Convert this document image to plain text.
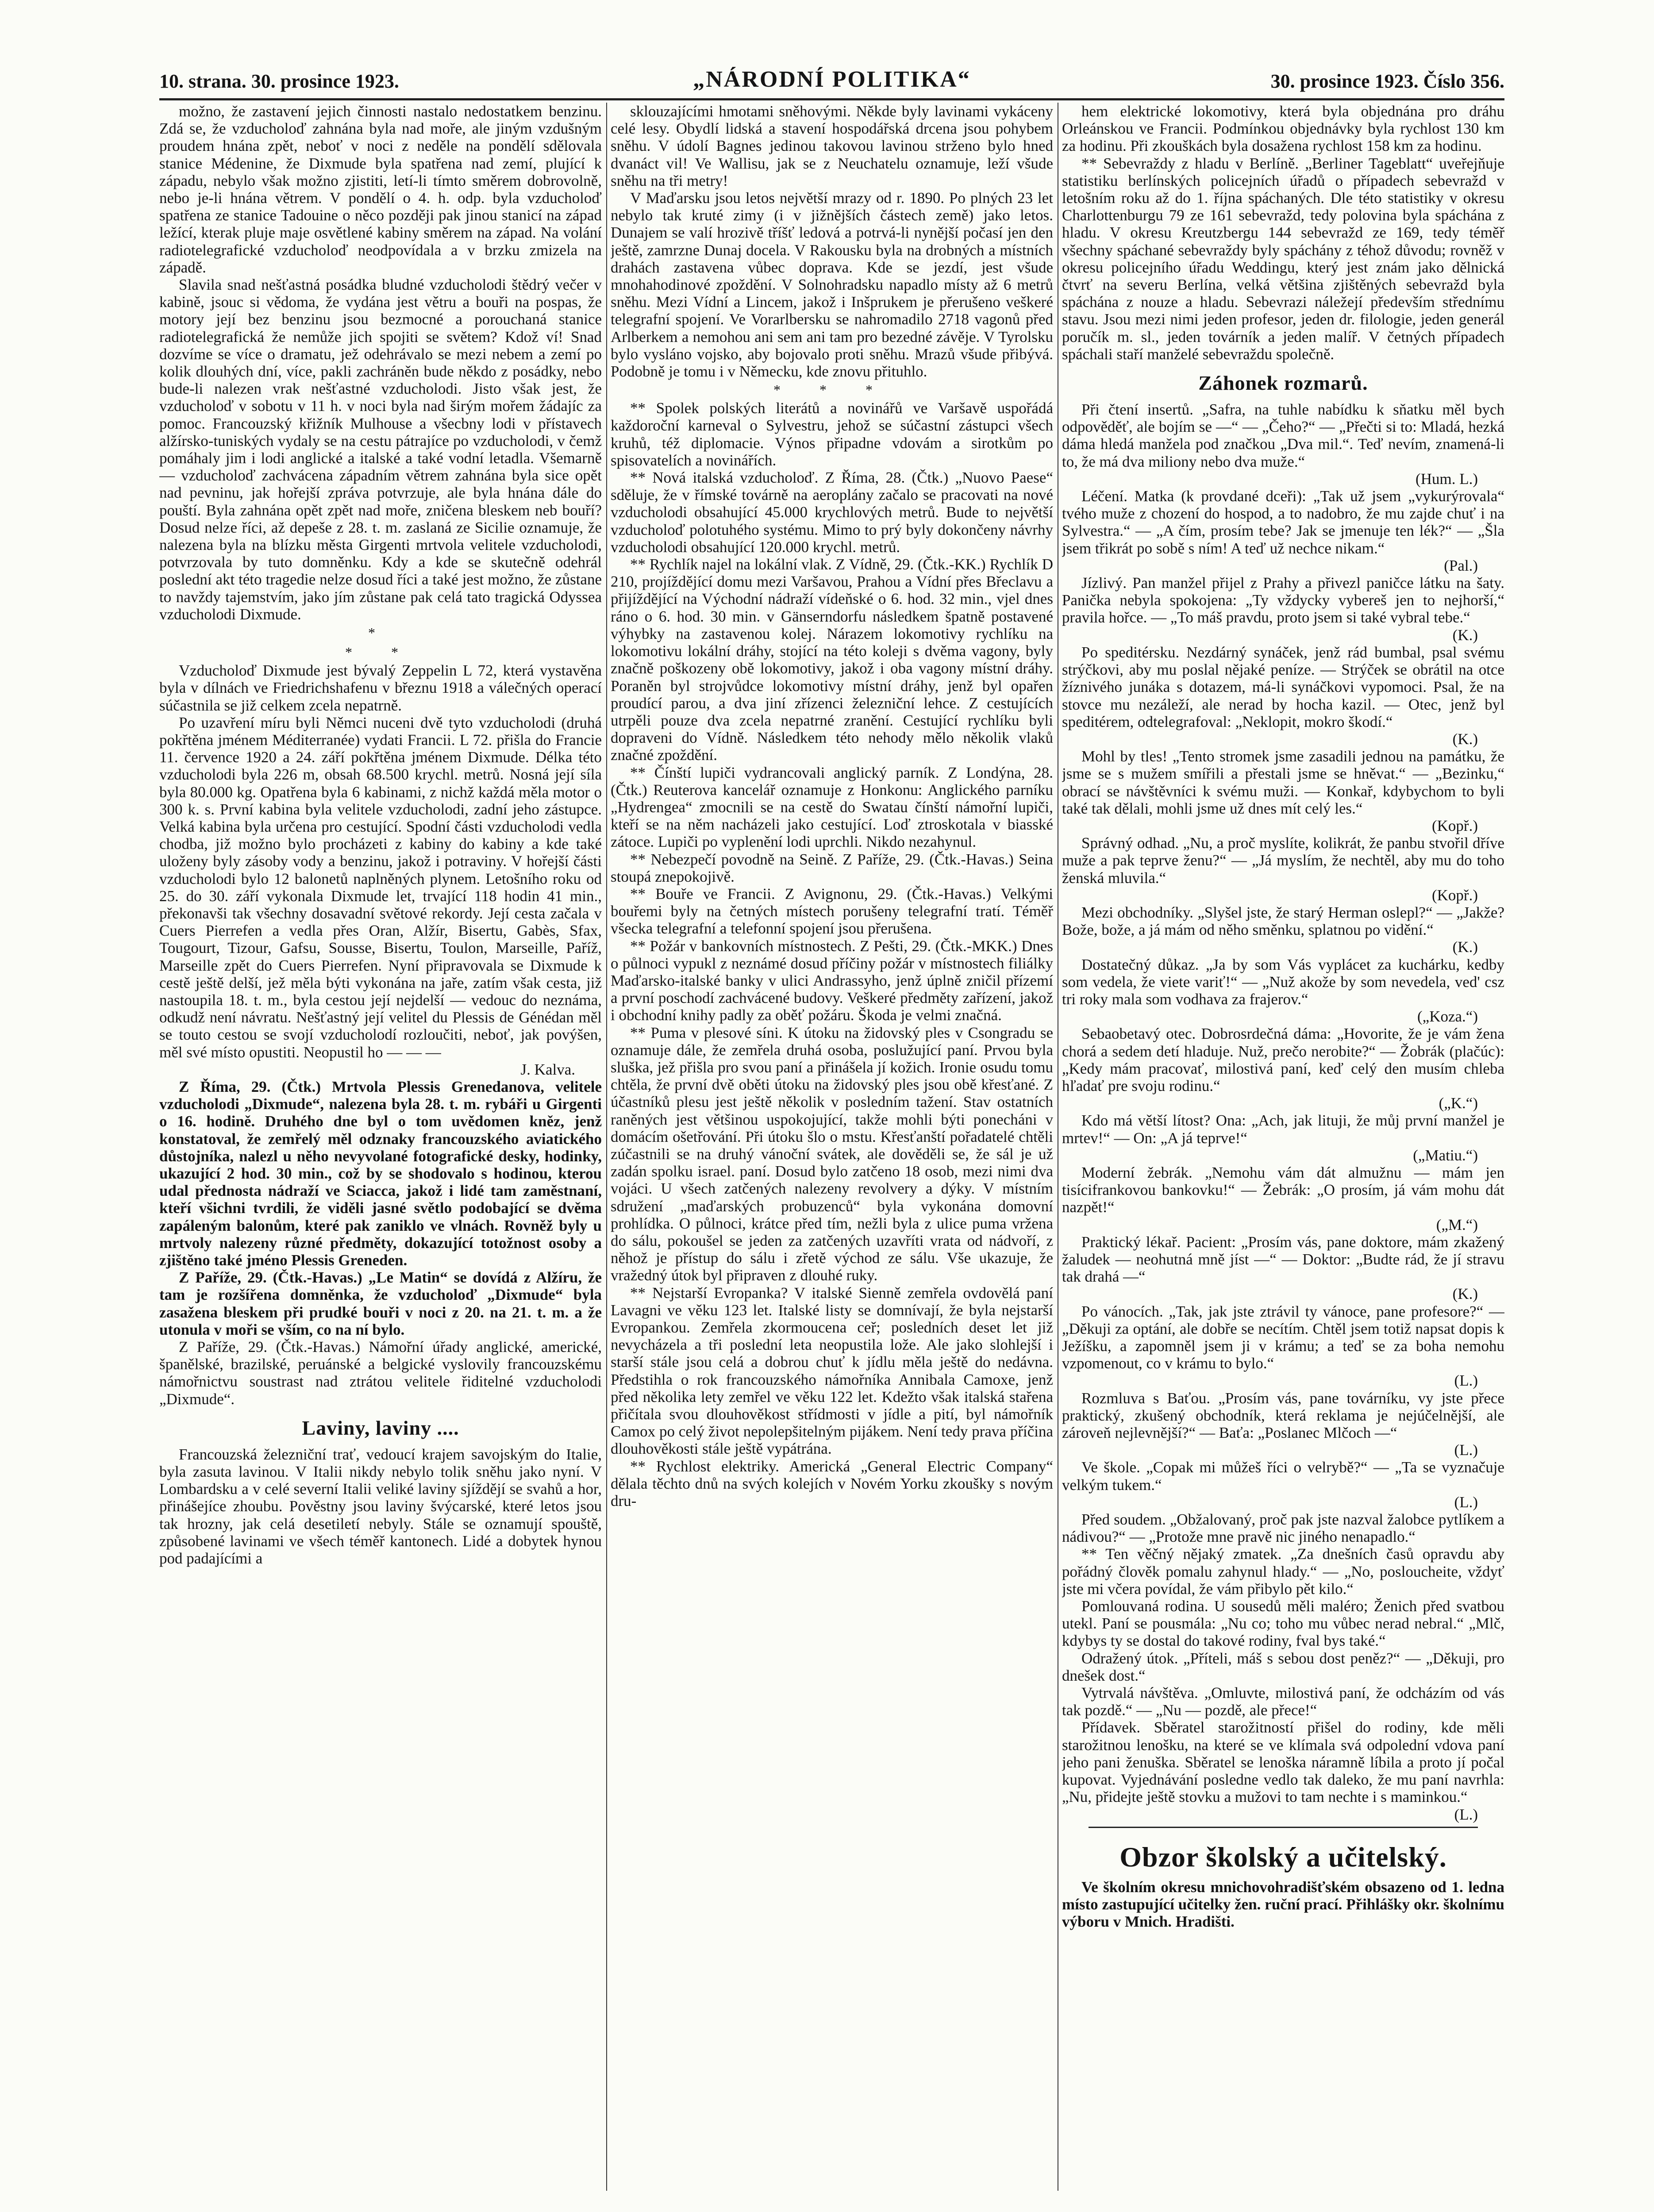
10. strana. 30. prosince 1923.	„NÁRODNÍ POLITIKA“	30. prosince 1923. Číslo 356.

možno, že zastavení jejich činnosti nastalo nedostatkem benzinu. Zdá se, že vzducholoď zahnána byla nad moře, ale jiným vzdušným proudem hnána zpět, neboť v noci z neděle na pondělí sdělovala stanice Médenine, že Dixmude byla spatřena nad zemí, plující k západu, nebylo však možno zjistiti, letí-li tímto směrem dobrovolně, nebo je-li hnána větrem. V pondělí o 4. h. odp. byla vzducholoď spatřena ze stanice Tadouine o něco později pak jinou stanicí na západ ležící, kterak pluje maje osvětlené kabiny směrem na západ. Na volání radiotelegrafické vzducholoď neodpovídala a v brzku zmizela na západě.

Slavila snad nešťastná posádka bludné vzducholodi štědrý večer v kabině, jsouc si vědoma, že vydána jest větru a bouři na pospas, že motory její bez benzinu jsou bezmocné a porouchaná stanice radiotelegrafická že nemůže jich spojiti se světem? Kdož ví! Snad dozvíme se více o dramatu, jež odehrávalo se mezi nebem a zemí po kolik dlouhých dní, více, pakli zachráněn bude někdo z posádky, nebo bude-li nalezen vrak nešťastné vzducholodi. Jisto však jest, že vzducholoď v sobotu v 11 h. v noci byla nad širým mořem žádajíc za pomoc. Francouzský křižník Mulhouse a všecbny lodi v přístavech alžírsko-tuniských vydaly se na cestu pátrajíce po vzducholodi, v čemž pomáhaly jim i lodi anglické a italské a také vodní letadla. Všemarně — vzducholoď zachvácena západním větrem zahnána byla sice opět nad pevninu, jak hořejší zpráva potvrzuje, ale byla hnána dále do pouští. Byla zahnána opět zpět nad moře, zničena bleskem neb bouří? Dosud nelze říci, až depeše z 28. t. m. zaslaná ze Sicilie oznamuje, že nalezena byla na blízku města Girgenti mrtvola velitele vzducholodi, potvrzovala by tuto domněnku. Kdy a kde se skutečně odehrál poslední akt této tragedie nelze dosud říci a také jest možno, že zůstane to navždy tajemstvím, jako jím zůstane pak celá tato tragická Odyssea vzducholodi Dixmude.

*
* *

Vzducholoď Dixmude jest bývalý Zeppelin L 72, která vystavěna byla v dílnách ve Friedrichshafenu v březnu 1918 a válečných operací súčastnila se již celkem zcela nepatrně.

Po uzavření míru byli Němci nuceni dvě tyto vzducholodi (druhá pokřtěna jménem Méditerranée) vydati Francii. L 72. přišla do Francie 11. července 1920 a 24. září pokřtěna jménem Dixmude. Délka této vzducholodi byla 226 m, obsah 68.500 krychl. metrů. Nosná její síla byla 80.000 kg. Opatřena byla 6 kabinami, z nichž každá měla motor o 300 k. s. První kabina byla velitele vzducholodi, zadní jeho zástupce. Velká kabina byla určena pro cestující. Spodní části vzducholodi vedla chodba, již možno bylo procházeti z kabiny do kabiny a kde také uloženy byly zásoby vody a benzinu, jakož i potraviny. V hořejší části vzducholodi bylo 12 balonetů naplněných plynem. Letošního roku od 25. do 30. září vykonala Dixmude let, trvající 118 hodin 41 min., překonavši tak všechny dosavadní světové rekordy. Její cesta začala v Cuers Pierrefen a vedla přes Oran, Alžír, Bisertu, Gabès, Sfax, Tougourt, Tizour, Gafsu, Sousse, Bisertu, Toulon, Marseille, Paříž, Marseille zpět do Cuers Pierrefen. Nyní připravovala se Dixmude k cestě ještě delší, jež měla býti vykonána na jaře, zatím však cesta, již nastoupila 18. t. m., byla cestou její nejdelší — vedouc do neznáma, odkudž není návratu. Nešťastný její velitel du Plessis de Génédan měl se touto cestou se svojí vzducholodí rozloučiti, neboť, jak povýšen, měl své místo opustiti. Neopustil ho — — —

J. Kalva.

Z Říma, 29. (Čtk.) Mrtvola Plessis Grenedanova, velitele vzducholodi „Dixmude“, nalezena byla 28. t. m. rybáři u Girgenti o 16. hodině. Druhého dne byl o tom uvědomen kněz, jenž konstatoval, že zemřelý měl odznaky francouzského aviatického důstojníka, nalezl u něho nevyvolané fotografické desky, hodinky, ukazující 2 hod. 30 min., což by se shodovalo s hodinou, kterou udal přednosta nádraží ve Sciacca, jakož i lidé tam zaměstnaní, kteří všichni tvrdili, že viděli jasné světlo podobající se dvěma zapáleným balonům, které pak zaniklo ve vlnách. Rovněž byly u mrtvoly nalezeny různé předměty, dokazující totožnost osoby a zjištěno také jméno Plessis Greneden.

Z Paříže, 29. (Čtk.-Havas.) „Le Matin“ se dovídá z Alžíru, že tam je rozšířena domněnka, že vzducholoď „Dixmude“ byla zasažena bleskem při prudké bouři v noci z 20. na 21. t. m. a že utonula v moři se vším, co na ní bylo.

Z Paříže, 29. (Čtk.-Havas.) Námořní úřady anglické, americké, španělské, brazilské, peruánské a belgické vyslovily francouzskému námořnictvu soustrast nad ztrátou velitele řiditelné vzducholodi „Dixmude“.

Laviny, laviny ....

Francouzská železniční trať, vedoucí krajem savojským do Italie, byla zasuta lavinou. V Italii nikdy nebylo tolik sněhu jako nyní. V Lombardsku a v celé severní Italii veliké laviny sjíždějí se svahů a hor, přinášejíce zhoubu. Pověstny jsou laviny švýcarské, které letos jsou tak hrozny, jak celá desetiletí nebyly. Stále se oznamují spouště, způsobené lavinami ve všech téměř kantonech. Lidé a dobytek hynou pod padajícími a

sklouzajícími hmotami sněhovými. Někde byly lavinami vykáceny celé lesy. Obydlí lidská a stavení hospodářská drcena jsou pohybem sněhu. V údolí Bagnes jedinou takovou lavinou strženo bylo hned dvanáct vil! Ve Wallisu, jak se z Neuchatelu oznamuje, leží všude sněhu na tři metry!

V Maďarsku jsou letos největší mrazy od r. 1890. Po plných 23 let nebylo tak kruté zimy (i v jižnějších částech země) jako letos. Dunajem se valí hrozivě tříšť ledová a potrvá-li nynější počasí jen den ještě, zamrzne Dunaj docela. V Rakousku byla na drobných a místních drahách zastavena vůbec doprava. Kde se jezdí, jest všude mnohahodinové zpoždění. V Solnohradsku napadlo místy až 6 metrů sněhu. Mezi Vídní a Lincem, jakož i Inšprukem je přerušeno veškeré telegrafní spojení. Ve Vorarlbersku se nahromadilo 2718 vagonů před Arlberkem a nemohou ani sem ani tam pro bezedné závěje. V Tyrolsku bylo vysláno vojsko, aby bojovalo proti sněhu. Mrazů všude přibývá. Podobně je tomu i v Německu, kde znovu přituhlo.

* * *

** Spolek polských literátů a novinářů ve Varšavě uspořádá každoroční karneval o Sylvestru, jehož se súčastní zástupci všech kruhů, též diplomacie. Výnos připadne vdovám a sirotkům po spisovatelích a novinářích.

** Nová italská vzducholoď. Z Říma, 28. (Čtk.) „Nuovo Paese“ sděluje, že v římské továrně na aeroplány začalo se pracovati na nové vzducholodi obsahující 45.000 krychlových metrů. Bude to největší vzducholoď polotuhého systému. Mimo to prý byly dokončeny návrhy vzducholodi obsahující 120.000 krychl. metrů.

** Rychlík najel na lokální vlak. Z Vídně, 29. (Čtk.-KK.) Rychlík D 210, projíždějící domu mezi Varšavou, Prahou a Vídní přes Břeclavu a přijíždějící na Východní nádraží vídeňské o 6. hod. 32 min., vjel dnes ráno o 6. hod. 30 min. v Gänserndorfu následkem špatně postavené výhybky na zastavenou kolej. Nárazem lokomotivy rychlíku na lokomotivu lokální dráhy, stojící na této koleji s dvěma vagony, byly značně poškozeny obě lokomotivy, jakož i oba vagony místní dráhy. Poraněn byl strojvůdce lokomotivy místní dráhy, jenž byl opařen proudící parou, a dva jiní zřízenci železniční lehce. Z cestujících utrpěli pouze dva zcela nepatrné zranění. Cestující rychlíku byli dopraveni do Vídně. Následkem této nehody mělo několik vlaků značné zpoždění.

** Čínští lupiči vydrancovali anglický parník. Z Londýna, 28. (Čtk.) Reuterova kancelář oznamuje z Honkonu: Anglického parníku „Hydrengea“ zmocnili se na cestě do Swatau čínští námořní lupiči, kteří se na něm nacházeli jako cestující. Loď ztroskotala v biasské zátoce. Lupiči po vyplenění lodi uprchli. Nikdo nezahynul.

** Nebezpečí povodně na Seině. Z Paříže, 29. (Čtk.-Havas.) Seina stoupá znepokojivě.

** Bouře ve Francii. Z Avignonu, 29. (Čtk.-Havas.) Velkými bouřemi byly na četných místech porušeny telegrafní tratí. Téměř všecka telegrafní a telefonní spojení jsou přerušena.

** Požár v bankovních místnostech. Z Pešti, 29. (Čtk.-MKK.) Dnes o půlnoci vypukl z neznámé dosud příčiny požár v místnostech filiálky Maďarsko-italské banky v ulici Andrassyho, jenž úplně zničil přízemí a první poschodí zachvácené budovy. Veškeré předměty zařízení, jakož i obchodní knihy padly za oběť požáru. Škoda je velmi značná.

** Puma v plesové síni. K útoku na židovský ples v Csongradu se oznamuje dále, že zemřela druhá osoba, poslužující paní. Prvou byla sluška, jež přišla pro svou paní a přinášela jí kožich. Ironie osudu tomu chtěla, že první dvě oběti útoku na židovský ples jsou obě křesťané. Z účastníků plesu jest ještě několik v posledním tažení. Stav ostatních raněných jest většinou uspokojující, takže mohli býti ponecháni v domácím ošetřování. Při útoku šlo o mstu. Křesťanští pořadatelé chtěli zúčastnili se na druhý vánoční svátek, ale dověděli se, že sál je už zadán spolku israel. paní. Dosud bylo zatčeno 18 osob, mezi nimi dva vojáci. U všech zatčených nalezeny revolvery a dýky. V místním sdružení „maďarských probuzenců“ byla vykonána domovní prohlídka. O půlnoci, krátce před tím, nežli byla z ulice puma vržena do sálu, pokoušel se jeden za zatčených uzavříti vrata od nádvoří, z něhož je přístup do sálu i zřetě východ ze sálu. Vše ukazuje, že vražedný útok byl připraven z dlouhé ruky.

** Nejstarší Evropanka? V italské Sienně zemřela ovdovělá paní Lavagni ve věku 123 let. Italské listy se domnívají, že byla nejstarší Evropankou. Zemřela zkormoucena ceř; posledních deset let již nevycházela a tři poslední leta neopustila lože. Ale jako slohlejší i starší stále jsou celá a dobrou chuť k jídlu měla ještě do nedávna. Předstihla o rok francouzského námořníka Annibala Camoxe, jenž před několika lety zemřel ve věku 122 let. Kdežto však italská stařena přičítala svou dlouhověkost střídmosti v jídle a pití, byl námořník Camox po celý život nepolepšitelným pijákem. Není tedy prava příčina dlouhověkosti stále ještě vypátrána.

** Rychlost elektriky. Americká „General Electric Company“ dělala těchto dnů na svých kolejích v Novém Yorku zkoušky s novým dru-

hem elektrické lokomotivy, která byla objednána pro dráhu Orleánskou ve Francii. Podmínkou objednávky byla rychlost 130 km za hodinu. Při zkouškách byla dosažena rychlost 158 km za hodinu.

** Sebevraždy z hladu v Berlíně. „Berliner Tageblatt“ uveřejňuje statistiku berlínských policejních úřadů o případech sebevražd v letošním roku až do 1. října spáchaných. Dle této statistiky v okresu Charlottenburgu 79 ze 161 sebevražd, tedy polovina byla spáchána z hladu. V okresu Kreutzbergu 144 sebevražd ze 169, tedy téměř všechny spáchané sebevraždy byly spáchány z téhož důvodu; rovněž v okresu policejního úřadu Weddingu, který jest znám jako dělnická čtvrť na severu Berlína, velká většina zjištěných sebevražd byla spáchána z nouze a hladu. Sebevrazi náležejí především střednímu stavu. Jsou mezi nimi jeden profesor, jeden dr. filologie, jeden generál poručík m. sl., jeden továrník a jeden malíř. V četných případech spáchali staří manželé sebevraždu společně.

Záhonek rozmarů.

Při čtení insertů. „Safra, na tuhle nabídku k sňatku měl bych odpověděť, ale bojím se —“ — „Čeho?“ — „Přečti si to: Mladá, hezká dáma hledá manžela pod značkou „Dva mil.“. Teď nevím, znamená-li to, že má dva miliony nebo dva muže.“

(Hum. L.)

Léčení. Matka (k provdané dceři): „Tak už jsem „vykurýrovala“ tvého muže z chození do hospod, a to nadobro, že mu zajde chuť i na Sylvestra.“ — „A čím, prosím tebe? Jak se jmenuje ten lék?“ — „Šla jsem třikrát po sobě s ním! A teď už nechce nikam.“

(Pal.)

Jízlivý. Pan manžel přijel z Prahy a přivezl paničce látku na šaty. Panička nebyla spokojena: „Ty vždycky vybereš jen to nejhorší,“ pravila hořce. — „To máš pravdu, proto jsem si také vybral tebe.“

(K.)

Po speditérsku. Nezdárný synáček, jenž rád bumbal, psal svému strýčkovi, aby mu poslal nějaké peníze. — Strýček se obrátil na otce žíznivého junáka s dotazem, má-li synáčkovi vypomoci. Psal, že na stovce mu nezáleží, ale nerad by hocha kazil. — Otec, jenž byl speditérem, odtelegrafoval: „Neklopit, mokro škodí.“

(K.)

Mohl by tles! „Tento stromek jsme zasadili jednou na památku, že jsme se s mužem smířili a přestali jsme se hněvat.“ — „Bezinku,“ obrací se návštěvníci k svému muži. — Konkař, kdybychom to byli také tak dělali, mohli jsme už dnes mít celý les.“

(Kopř.)

Správný odhad. „Nu, a proč myslíte, kolikrát, že panbu stvořil dříve muže a pak teprve ženu?“ — „Já myslím, že nechtěl, aby mu do toho ženská mluvila.“

(Kopř.)

Mezi obchodníky. „Slyšel jste, že starý Herman oslepl?“ — „Jakže? Bože, bože, a já mám od něho směnku, splatnou po vidění.“

(K.)

Dostatečný důkaz. „Ja by som Vás vyplácet za kuchárku, kedby som vedela, že viete variť!“ — „Nuž akože by som nevedela, ved' csz tri roky mala som vodhava za frajerov.“

(„Koza.“)

Sebaobetavý otec. Dobrosrdečná dáma: „Hovorite, že je vám žena chorá a sedem detí hladuje. Nuž, prečo nerobite?“ — Žobrák (plačúc): „Kedy mám pracovať, milostivá paní, keď celý den musím chleba hľadať pre svoju rodinu.“

(„K.“)

Kdo má větší lítost? Ona: „Ach, jak lituji, že můj první manžel je mrtev!“ — On: „A já teprve!“

(„Matiu.“)

Moderní žebrák. „Nemohu vám dát almužnu — mám jen tisícifrankovou bankovku!“ — Žebrák: „O prosím, já vám mohu dát nazpět!“

(„M.“)

Praktický lékař. Pacient: „Prosím vás, pane doktore, mám zkažený žaludek — neohutná mně jíst —“ — Doktor: „Budte rád, že jí stravu tak drahá —“

(K.)

Po vánocích. „Tak, jak jste ztrávil ty vánoce, pane profesore?“ — „Děkuji za optání, ale dobře se necítím. Chtěl jsem totiž napsat dopis k Ježíšku, a zapomněl jsem ji v krámu; a teď se za boha nemohu vzpomenout, co v krámu to bylo.“

(L.)

Rozmluva s Baťou. „Prosím vás, pane továrníku, vy jste přece praktický, zkušený obchodník, která reklama je nejúčelnější, ale zároveň nejlevnější?“ — Baťa: „Poslanec Mlčoch —“

(L.)

Ve škole. „Copak mi můžeš říci o velrybě?“ — „Ta se vyznačuje velkým tukem.“

(L.)

Před soudem. „Obžalovaný, proč pak jste nazval žalobce pytlíkem a nádivou?“ — „Protože mne pravě nic jiného nenapadlo.“

** Ten věčný nějaký zmatek. „Za dnešních časů opravdu aby pořádný člověk pomalu zahynul hlady.“ — „No, posloucheite, vždyť jste mi včera povídal, že vám přibylo pět kilo.“

Pomlouvaná rodina. U sousedů měli maléro; Ženich před svatbou utekl. Paní se pousmála: „Nu co; toho mu vůbec nerad nebral.“ „Mlč, kdybys ty se dostal do takové rodiny, fval bys také.“

Odražený útok. „Příteli, máš s sebou dost peněz?“ — „Děkuji, pro dnešek dost.“

Vytrvalá návštěva. „Omluvte, milostivá paní, že odcházím od vás tak pozdě.“ — „Nu — pozdě, ale přece!“

Přídavek. Sběratel starožitností přišel do rodiny, kde měli starožitnou lenošku, na které se ve klímala svá odpolední vdova paní jeho pani ženuška. Sběratel se lenoška náramně líbila a proto jí počal kupovat. Vyjednávání posledne vedlo tak daleko, že mu paní navrhla: „Nu, přidejte ještě stovku a mužovi to tam nechte i s maminkou.“

(L.)

Obzor školský a učitelský.

Ve školním okresu mnichovohradišťském obsazeno od 1. ledna místo zastupující učitelky žen. ruční prací. Přihlášky okr. školnímu výboru v Mnich. Hradišti.
